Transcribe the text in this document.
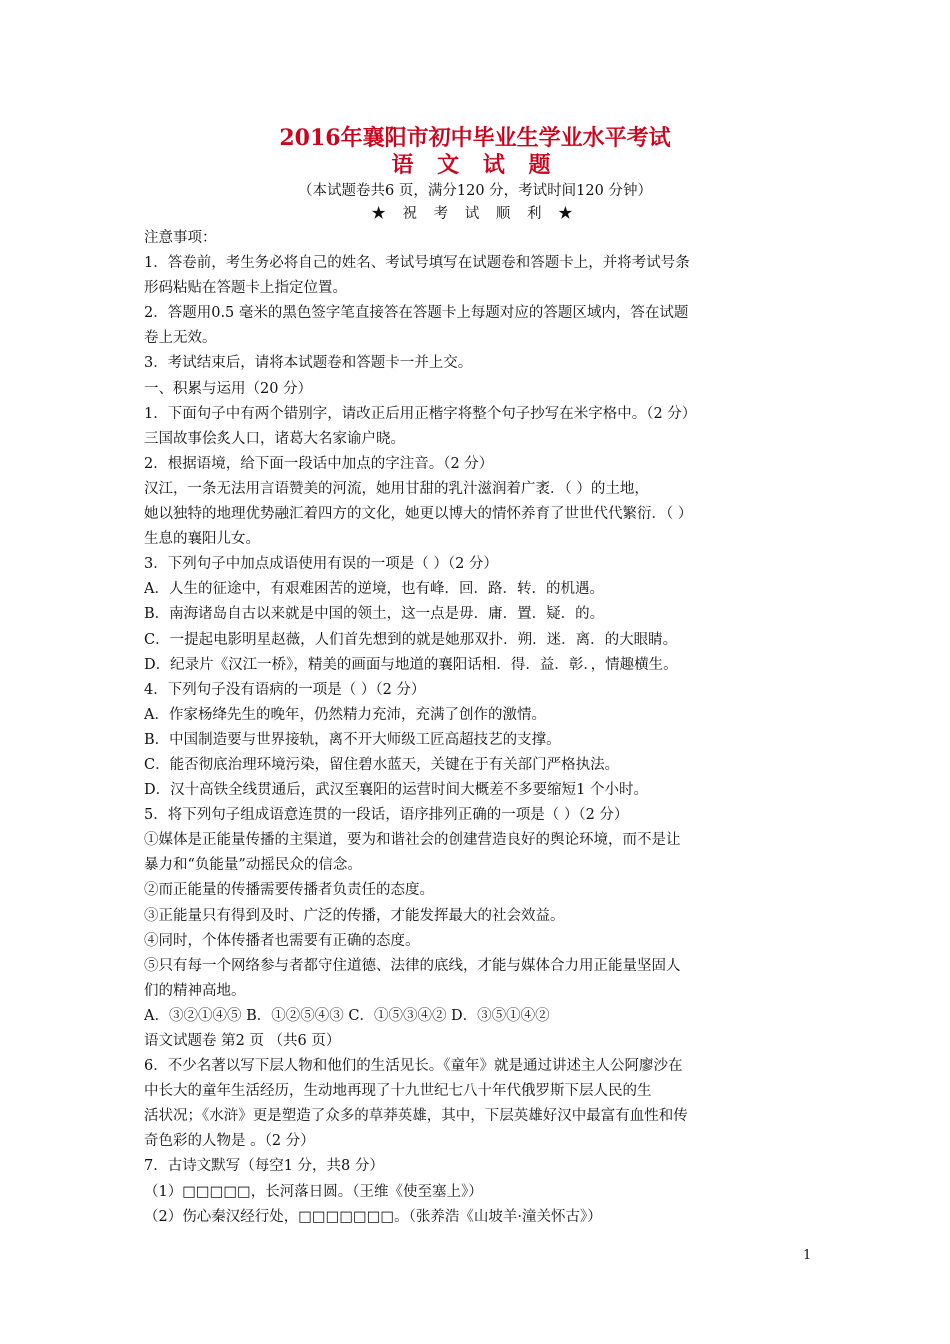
2016年襄阳市初中毕业生学业水平考试
语 文 试 题
（本试题卷共6 页，满分120 分，考试时间120 分钟）
★ 祝 考 试 顺 利 ★
注意事项：
1．答卷前，考生务必将自己的姓名、考试号填写在试题卷和答题卡上，并将考试号条
形码粘贴在答题卡上指定位置。
2．答题用0.5 毫米的黑色签字笔直接答在答题卡上每题对应的答题区域内，答在试题
卷上无效。
3．考试结束后，请将本试题卷和答题卡一并上交。
一、积累与运用（20 分）
1．下面句子中有两个错别字，请改正后用正楷字将整个句子抄写在米字格中。（2 分）
三国故事侩炙人口，诸葛大名家谕户晓。
2．根据语境，给下面一段话中加点的字注音。（2 分）
汉江，一条无法用言语赞美的河流，她用甘甜的乳汁滋润着广袤．（ ）的土地，
她以独特的地理优势融汇着四方的文化，她更以博大的情怀养育了世世代代繁衍．（ ）
生息的襄阳儿女。
3．下列句子中加点成语使用有误的一项是（ ）（2 分）
A．人生的征途中，有艰难困苦的逆境，也有峰．回．路．转．的机遇。
B．南海诸岛自古以来就是中国的领土，这一点是毋．庸．置．疑．的。
C．一提起电影明星赵薇，人们首先想到的就是她那双扑．朔．迷．离．的大眼睛。
D．纪录片《汉江一桥》，精美的画面与地道的襄阳话相．得．益．彰．，情趣横生。
4．下列句子没有语病的一项是（ ）（2 分）
A．作家杨绛先生的晚年，仍然精力充沛，充满了创作的激情。
B．中国制造要与世界接轨，离不开大师级工匠高超技艺的支撑。
C．能否彻底治理环境污染，留住碧水蓝天，关键在于有关部门严格执法。
D．汉十高铁全线贯通后，武汉至襄阳的运营时间大概差不多要缩短1 个小时。
5．将下列句子组成语意连贯的一段话，语序排列正确的一项是（ ）（2 分）
①媒体是正能量传播的主渠道，要为和谐社会的创建营造良好的舆论环境，而不是让
暴力和“负能量”动摇民众的信念。
②而正能量的传播需要传播者负责任的态度。
③正能量只有得到及时、广泛的传播，才能发挥最大的社会效益。
④同时，个体传播者也需要有正确的态度。
⑤只有每一个网络参与者都守住道德、法律的底线，才能与媒体合力用正能量坚固人
们的精神高地。
A．③②①④⑤ B．①②⑤④③ C．①⑤③④② D．③⑤①④②
语文试题卷 第2 页 （共6 页）
6．不少名著以写下层人物和他们的生活见长。《童年》就是通过讲述主人公阿廖沙在
中长大的童年生活经历，生动地再现了十九世纪七八十年代俄罗斯下层人民的生
活状况；《水浒》更是塑造了众多的草莽英雄，其中，下层英雄好汉中最富有血性和传
奇色彩的人物是 。（2 分）
7．古诗文默写（每空1 分，共8 分）
（1）□□□□□，长河落日圆。（王维《使至塞上》）
（2）伤心秦汉经行处，□□□□□□□。（张养浩《山坡羊·潼关怀古》）
1
